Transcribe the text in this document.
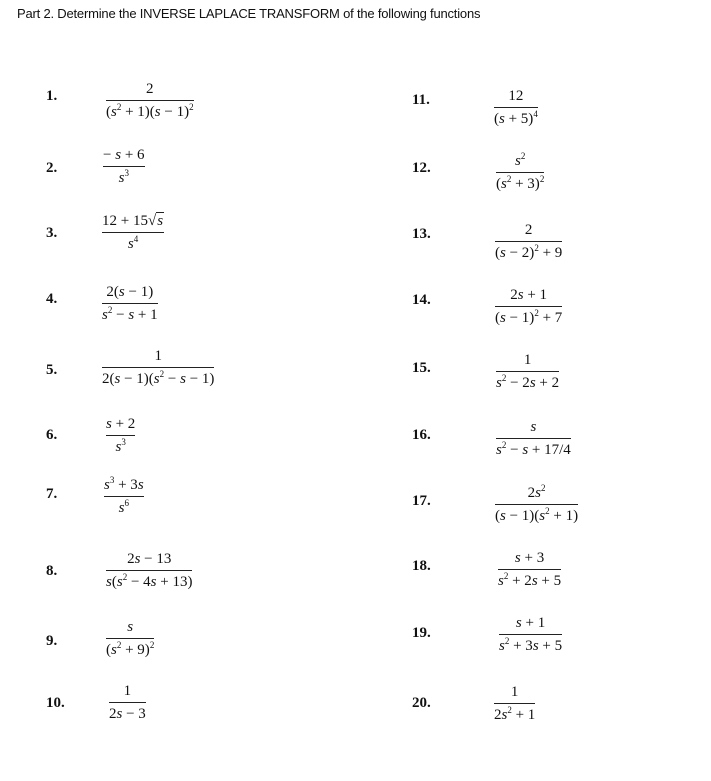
Part 2. Determine the INVERSE LAPLACE TRANSFORM of the following functions
1.
2.
3.
4.
5.
6.
7.
8.
9.
10.
11.
12.
13.
14.
15.
16.
17.
18.
19.
20.
2
$(s^2 + 1)(s - 1)^2$
− s + 6
$s^3$
12 + 15√s
$s^4$
2(s − 1)
$s^2 - s + 1$
1
$2(s - 1)(s^2 - s - 1)$
s + 2
$s^3$
$s^3 + 3s$
$s^6$
2s − 13
$s(s^2 - 4s + 13)$
s
$(s^2 + 9)^2$
1
2s − 3
12
$(s + 5)^4$
$s^2$
$(s^2 + 3)^2$
2
$(s - 2)^2 + 9$
2s + 1
$(s - 1)^2 + 7$
1
$s^2 - 2s + 2$
s
$s^2 - s + 17/4$
$2s^2$
$(s - 1)(s^2 + 1)$
s + 3
$s^2 + 2s + 5$
s + 1
$s^2 + 3s + 5$
1
$2s^2 + 1$
